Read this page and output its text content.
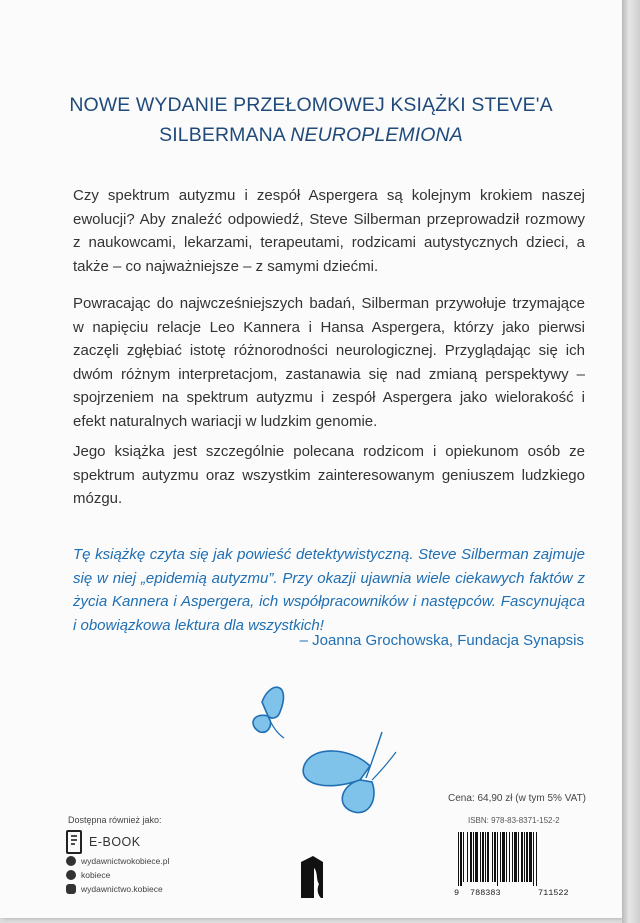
NOWE WYDANIE PRZEŁOMOWEJ KSIĄŻKI STEVE'A
SILBERMANA NEUROPLEMIONA
Czy spektrum autyzmu i zespół Aspergera są kolejnym krokiem naszej ewolucji? Aby znaleźć odpowiedź, Steve Silberman przeprowadził rozmowy z naukowcami, lekarzami, terapeutami, rodzicami autystycznych dzieci, a także – co najważniejsze – z samymi dziećmi.
Powracając do najwcześniejszych badań, Silberman przywołuje trzymające w napięciu relacje Leo Kannera i Hansa Aspergera, którzy jako pierwsi zaczęli zgłębiać istotę różnorodności neurologicznej. Przyglądając się ich dwóm różnym interpretacjom, zastanawia się nad zmianą perspektywy – spojrzeniem na spektrum autyzmu i zespół Aspergera jako wielorakość i efekt naturalnych wariacji w ludzkim genomie.
Jego książka jest szczególnie polecana rodzicom i opiekunom osób ze spektrum autyzmu oraz wszystkim zainteresowanym geniuszem ludzkiego mózgu.
Tę książkę czyta się jak powieść detektywistyczną. Steve Silberman zajmuje się w niej „epidemią autyzmu”. Przy okazji ujawnia wiele ciekawych faktów z życia Kannera i Aspergera, ich współpracowników i następców. Fascynująca i obowiązkowa lektura dla wszystkich!
– Joanna Grochowska, Fundacja Synapsis
Dostępna również jako:
E-BOOK
wydawnictwokobiece.pl
kobiece
wydawnictwo.kobiece
Cena: 64,90 zł (w tym 5% VAT)
ISBN: 978-83-8371-152-2
9 788383	711522
